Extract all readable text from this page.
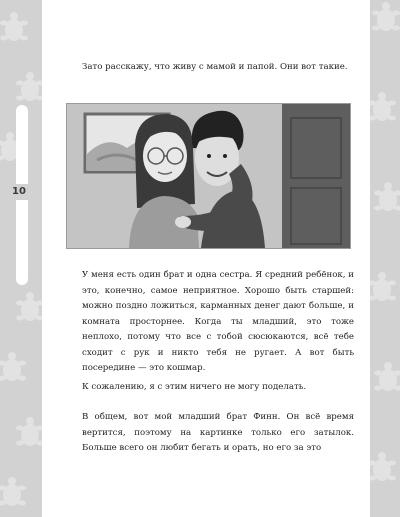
10

Зато расскажу, что живу с мамой и папой. Они вот такие.

У меня есть один брат и одна сестра. Я средний ребёнок, и это, конечно, самое неприятное. Хорошо быть старшей: можно поздно ложиться, карманных денег дают больше, и комната просторнее. Когда ты младший, это тоже неплохо, потому что все с тобой сюсюкаются, всё тебе сходит с рук и никто тебя не ругает. А вот быть посередине — это кошмар.

К сожалению, я с этим ничего не могу поделать.

В общем, вот мой младший брат Финн. Он всё время вертится, поэтому на картинке только его затылок. Больше всего он любит бегать и орать, но его за это
